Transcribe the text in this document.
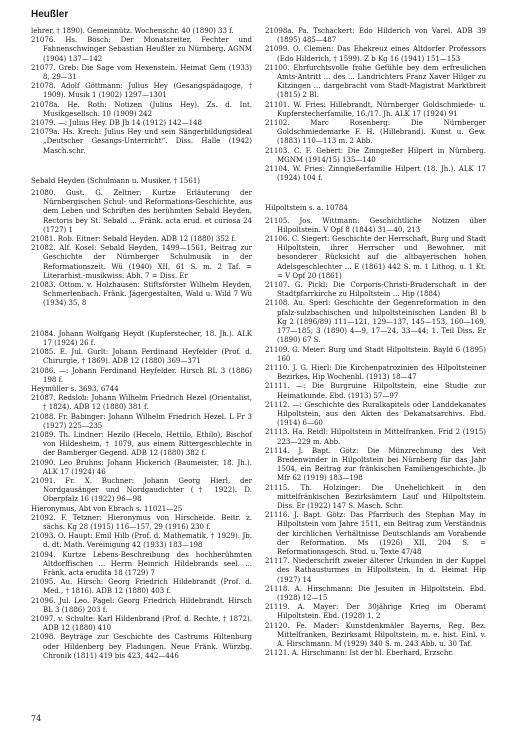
Heußler

lehrer, † 1890). Gemeinnütz. Wochenschr. 40 (1890) 33 f.

21076. Hs. Bösch: Der Monatsreiter, Fechter und Fahnenschwinger Sebastian Heußler zu Nürnberg. AGNM (1904) 137—142

21077. Greb: Die Sage vom Hexenstein. Heimat Gem (1933) 8, 29—31

21078. Adolf Göttmann: Julius Hey (Gesangspädagoge, † 1909). Musik 1 (1902) 1297—1301

21078a. He. Roth: Notizen (Julius Hey). Zs. d. Int. Musikgesellsch. 10 (1909) 242

21079. —: Julius Hey. DB Jb 14 (1912) 142—148

21079a. Hs. Krech: Julius Hey und sein Sängerbildungsideal „Deutscher Gesangs-Unterricht“. Diss. Halle (1942) Masch.schr.

Sebald Heyden (Schulmann u. Musiker, † 1561)

21080. Gust. G. Zeltner: Kurtze Erläuterung der Nürnbergischen Schul- und Reformations-Geschichte, aus dem Leben und Schriften des berühmten Sebald Heyden, Rectoris bey St. Sebald ... Fränk. acta erud. et curiosa 24 (1727) 1

21081. Rob. Eitner: Sebald Heyden. ADB 12 (1880) 352 f.

21082. Alf. Kosel: Sebald Heyden, 1499—1561, Beitrag zur Geschichte der Nürnberger Schulmusik in der Reformationszeit. Wü (1940) XII, 61 S. m. 2 Taf. = Literarhist.-musikwiss. Abh. 7 = Diss. Er

21083. Ottom. v. Holzhausen: Stiftsförster Wilhelm Heyden, Schmerlenbach. Fränk. Jägergestalten, Wald u. Wild 7 Wü (1934) 35, 8

21084. Johann Wolfgang Heydt (Kupferstecher, 18. Jh.). ALK 17 (1924) 26 f.

21085. E. Jul. Gurlt: Johann Ferdinand Heyfelder (Prof. d. Chirurgie, † 1869). ADB 12 (1880) 369—371

21086. —: Johann Ferdinand Heyfelder. Hirsch BL 3 (1886) 198 f.

Heymüller s. 3693, 6744

21087. Redslob: Johann Wilhelm Friedrich Hezel (Orientalist, † 1824). ADB 12 (1880) 381 f.

21088. Fr. Babinger: Johann Wilhelm Friedrich Hezel. L Fr 3 (1927) 225—235

21089. Th. Lindner: Hezilo (Hecelo, Hettilo, Ethilo), Bischof von Hildesheim, † 1079, aus einem Rittergeschlechte in der Bamberger Gegend. ADB 12 (1880) 382 f.

21090. Leo Bruhns: Johann Hickerich (Baumeister, 18. Jh.). ALK 17 (1924) 46

21091. Fr. X. Buchner: Johann Georg Hierl, der Nordgausänger und Nordgaudichter († 1922). D. Oberpfalz 16 (1922) 96—98

Hieronymus, Abt von Ebrach s. 11021—25

21092. F. Tetzner: Hieronymus von Hirscheide. Beitr. z. sächs. Kg 28 (1915) 116—157, 29 (1916) 230 f.

21093. O. Haupt: Emil Hilb (Prof. d. Mathematik, † 1929). Jb. d. dt. Math. Vereinigung 42 (1933) 183—198

21094. Kurtze Lebens-Beschreibung des hochberühmten Altdorffischen ... Herrn Heinrich Hildebrands seel. ... Fränk. acta erudita 18 (1729) 7

21095. Au. Hirsch: Georg Friedrich Hildebrandt (Prof. d. Med., † 1816). ADB 12 (1880) 403 f.

21096. Jul. Leo. Pagel: Georg Friedrich Hildebrandt. Hirsch BL 3 (1886) 203 f.

21097. v. Schulte: Karl Hildenbrand (Prof. d. Rechte, † 1872). ADB 12 (1880) 410

21098. Beyträge zur Geschichte des Castrums Hiltenburg oder Hildenberg bey Fladungen. Neue Fränk. Würzbg. Chronik (1811) 419 bis 423, 442—446

21098a. Pa. Tschackert: Edo Hilderich von Varel. ADB 39 (1895) 485—487

21099. O. Clemen: Das Ehekreuz eines Altdorfer Professors (Edo Hilderich, † 1599). Z b Kg 16 (1941) 151—153

21100. Ehrfurchtsvolle frohe Gefühle bey dem erfreulichen Amts-Antritt ... des ... Landrichters Franz Xaver Hilger zu Kitzingen ... dargebracht vom Stadt-Magistrat Marktbreit (1815) 2 Bl.

21101. W. Fries: Hillebrandt, Nürnberger Goldschmiede- u. Kupferstecherfamilie, 16./17. Jh. ALK 17 (1924) 91

21102. Marc Rosenberg: Die Nürnberger Goldschmiedemarke F. H. (Hillebrand). Kunst u. Gew. (1883) 110—113 m. 2 Abb.

21103. C. F. Gebert: Die Zinngießer Hilpert in Nürnberg. MGNM (1914/15) 135—140

21104. W. Fries: Zinngießerfamilie Hilpert (18. Jh.). ALK 17 (1924) 104 f.

Hilpoltstein s. a. 10784

21105. Jos. Wittmann: Geschichtliche Notizen über Hilpoltstein. V Opf 8 (1844) 31—40, 213

21106. C. Siegert: Geschichte der Herrschaft, Burg und Stadt Hilpoltstein, ihrer Herrscher und Bewohner, mit besonderer Rücksicht auf die altbayerischen hohen Adelsgeschlechter ... E (1861) 442 S. m. 1 Lithog. u. 1 Kt. = V Opf 20 (1861)

21107. G. Pickl: Die Corporis-Christi-Bruderschaft in der Stadtpfarrkirche zu Hilpoltstein ... Hip (1884)

21108. Au. Sperl: Geschichte der Gegenreformation in den pfalz-sulzbachischen und hilpoltsteinischen Landen Bl b Kg 2 (1896/89) 111—121, 129—137, 145—153, 160—169, 177—185; 3 (1890) 4—9, 17—24, 33—44; 1. Teil Diss. Er (1890) 67 S.

21109. G. Meier: Burg und Stadt Hilpoltstein. Bayld 6 (1895) 160

21110. J. G. Hierl: Die Kirchenpatrozinien des Hilpoltsteiner Bezirkes. Hip Wochenbl. (1913) 18—47

21111. —: Die Burgruine Hilpoltstein, eine Studie zur Heimatkunde. Ebd. (1913) 57—97

21112. —: Geschichte des Ruralkapitels oder Landdekanates Hilpoltstein, aus den Akten des Dekanatsarchivs. Ebd. (1914) 6—60

21113. Ha. Reidl: Hilpoltstein in Mittelfranken. Frid 2 (1915) 223—229 m. Abb.

21114. J. Bapt. Götz: Die Münzrechnung des Veit Bredenwinder in Hilpoltstein bei Nürnberg für das Jahr 1504, ein Beitrag zur fränkischen Familiengeschichte. Jb Mfr 62 (1919) 183—198

21115. Th. Holzinger: Die Unehelichkeit in den mittelfränkischen Bezirksämtern Lauf und Hilpoltstein. Diss. Er (1922) 147 S. Masch. Schr.

21116. J. Bapt. Götz: Das Pfarrbuch des Stephan May in Hilpoltstein vom Jahre 1511, ein Beitrag zum Verständnis der kirchlichen Verhältnisse Deutschlands am Vorabende der Reformation. Ms (1926) XII, 204 S. = Reformationsgesch. Stud. u. Texte 47/48

21117. Niederschrift zweier älterer Urkunden in der Kuppel des Rathausturmes in Hilpoltstein. In d. Heimat Hip (1927) 14

21118. A. Hirschmann: Die Jesuiten in Hilpoltstein. Ebd. (1928) 12—15

21119. A. Mayer: Der 30jährige Krieg im Oberamt Hilpoltstein. Ebd. (1928) 1, 2

21120. Fe. Mader: Kunstdenkmäler Bayerns, Reg. Bez. Mittelfranken, Bezirksamt Hilpoltstein, m. e. hist. Einl. v. A. Hirschmann. M (1929) 340 S. m. 243 Abb. u. 30 Taf.

21121. A. Hirschmann: Ist der hl. Eberhard, Erzschr.

74
